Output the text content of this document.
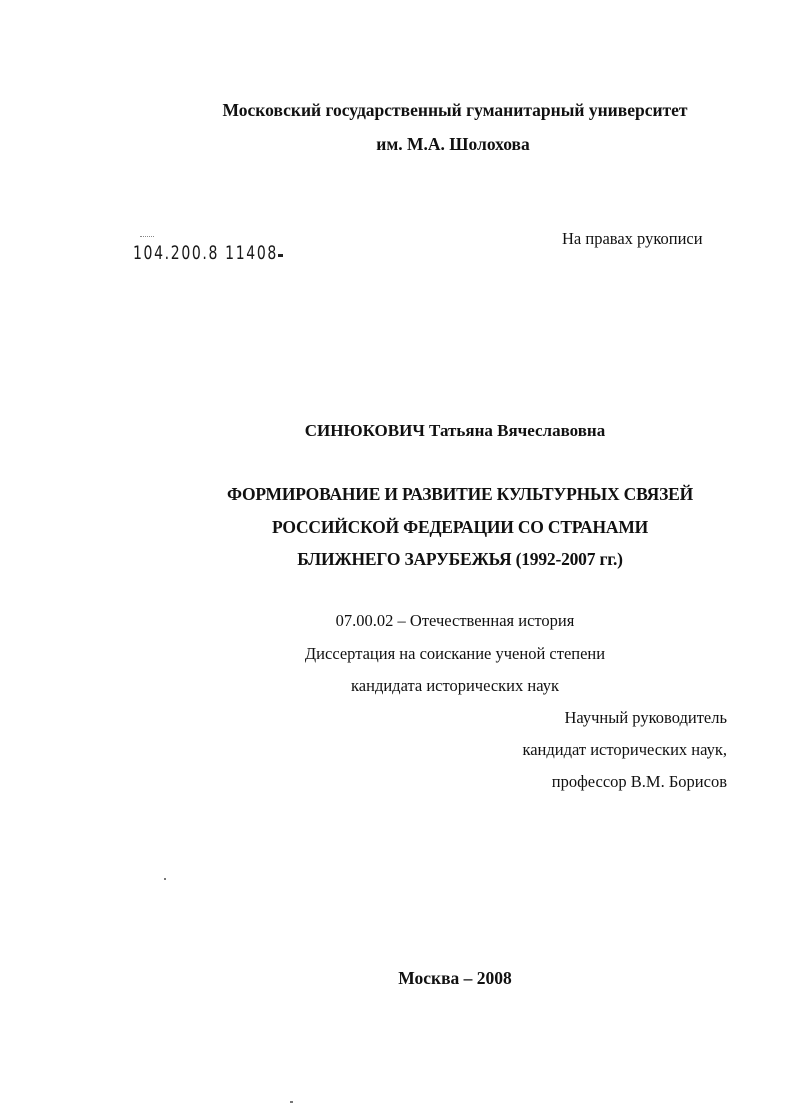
Московский государственный гуманитарный университет
им. М.А. Шолохова
104.200.8 11408
На правах рукописи
СИНЮКОВИЧ Татьяна Вячеславовна
ФОРМИРОВАНИЕ И РАЗВИТИЕ КУЛЬТУРНЫХ СВЯЗЕЙ
РОССИЙСКОЙ ФЕДЕРАЦИИ СО СТРАНАМИ
БЛИЖНЕГО ЗАРУБЕЖЬЯ (1992-2007 гг.)
07.00.02 – Отечественная история
Диссертация на соискание ученой степени
кандидата исторических наук
Научный руководитель
кандидат исторических наук,
профессор В.М. Борисов
Москва – 2008
